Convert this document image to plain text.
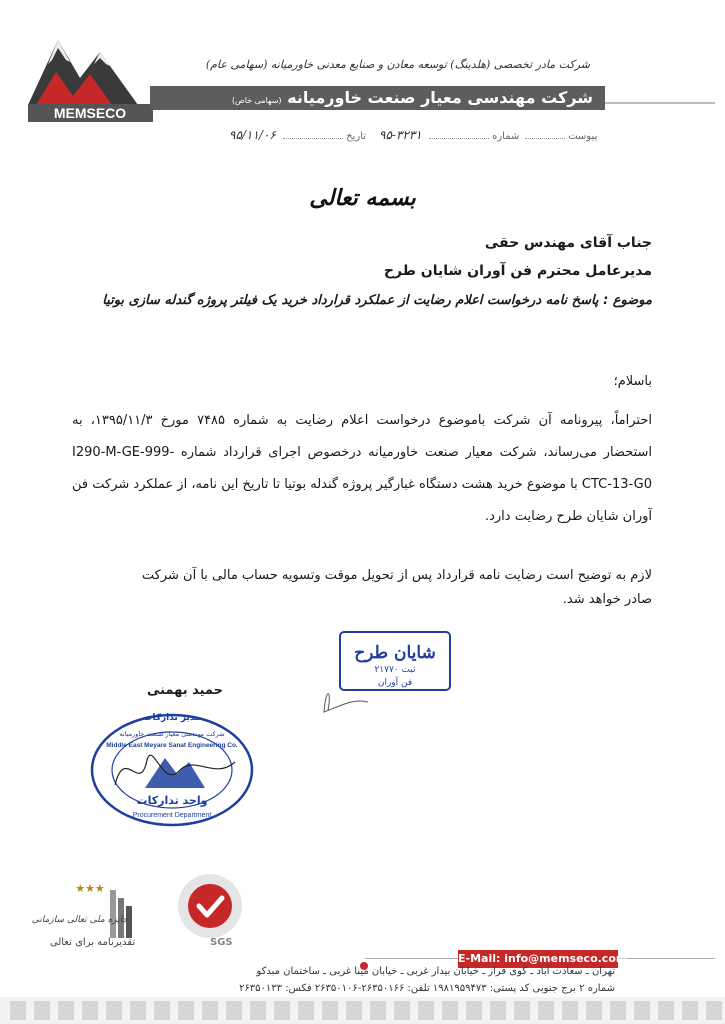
MEMSECO
شرکت مادر تخصصی (هلدینگ) توسعه معادن و صنایع معدنی خاورمیانه (سهامی عام)
شرکت مهندسی معیار صنعت خاورمیانه (سهامی خاص)
۹۵/۱۱/۰۶	تاریخ	۹۵-۳۲۳۱	شماره	پیوست
بسمه تعالی
جناب آقای مهندس حقی
مدیرعامل محترم فن آوران شایان طرح
موضوع : پاسخ نامه درخواست اعلام رضایت از عملکرد قرارداد خرید یک فیلتر پروژه گندله سازی بوتیا
باسلام؛
احتراماً، پیرونامه آن شرکت باموضوع درخواست اعلام رضایت به شماره ۷۴۸۵ مورخ ۱۳۹۵/۱۱/۳، به استحضار می‌رساند، شرکت معیار صنعت خاورمیانه درخصوص اجرای قرارداد شماره I290-M-GE-999-CTC-13-G0 با موضوع خرید هشت دستگاه غبارگیر پروژه گندله بوتیا تا تاریخ این نامه، از عملکرد شرکت فن آوران شایان طرح رضایت دارد.
لازم به توضیح است رضایت نامه قرارداد پس از تحویل موقت وتسویه حساب مالی با آن شرکت
صادر خواهد شد.
شایان طرح
ثبت ۲۱۷۷۰
فن آوران
حمید بهمنی
مدیر تدارکات
شرکت مهندسی معیار صنعت خاورمیانه
Middle East Meyare Sanat Engineering Co.
واحد تدارکات
Procurement Department
★★★
جایزه ملی تعالی سازمانی
تقدیرنامه برای تعالی	SGS
E-Mail: info@memseco.com
تهران ـ سعادت آباد ـ کوی فراز ـ خیابان بیدار غربی ـ خیابان مینا غربی ـ ساختمان مبدکو
شماره ۲ برج جنوبی کد پستی: ۱۹۸۱۹۵۹۴۷۳ تلفن: ۲۶۳۵۰۱۶۶-۲۶۳۵۰۱۰۶ فکس: ۲۶۳۵۰۱۳۳
